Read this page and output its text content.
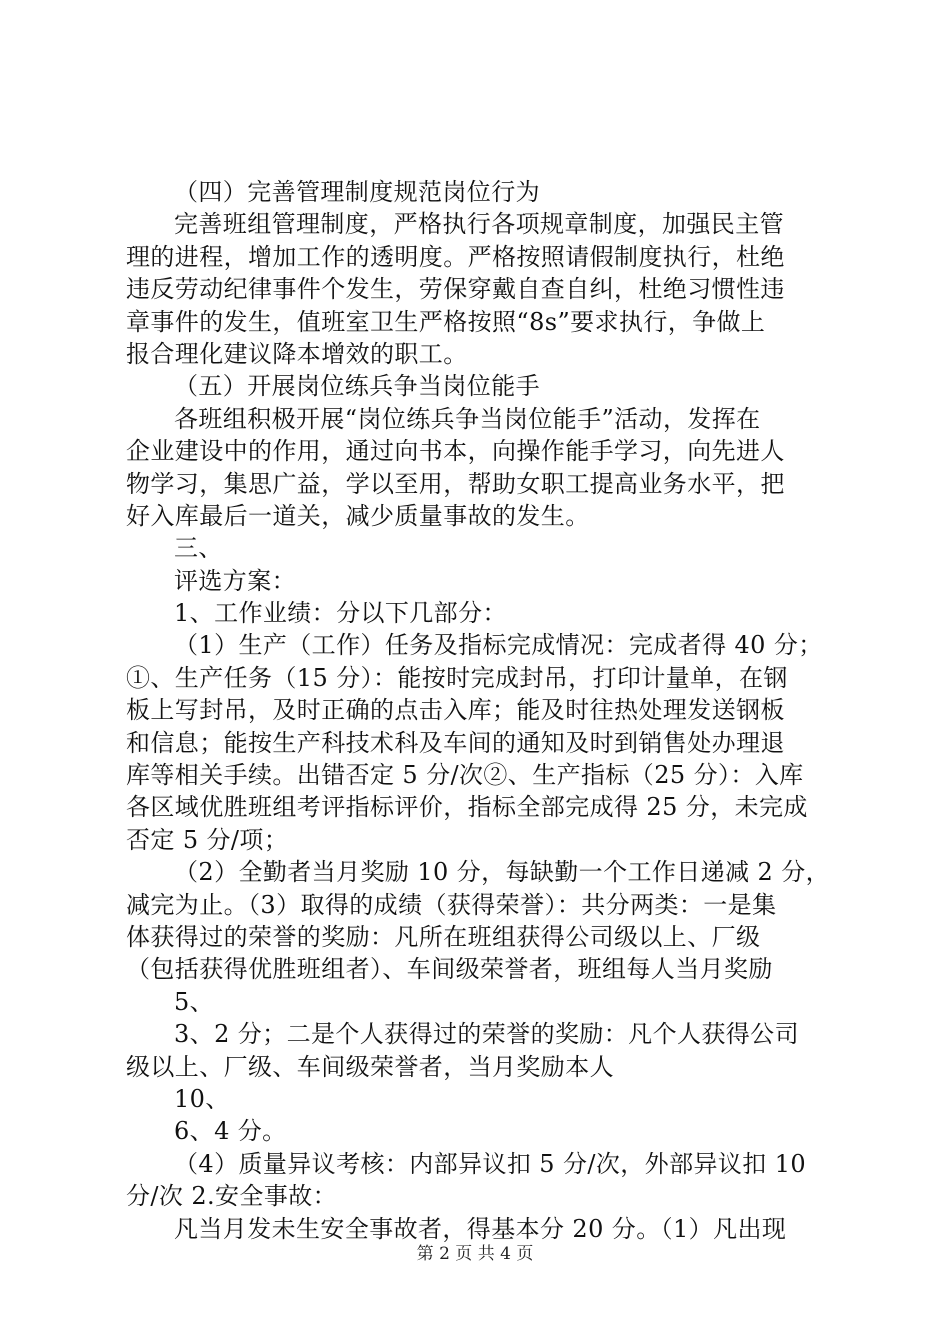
（四）完善管理制度规范岗位行为
完善班组管理制度，严格执行各项规章制度，加强民主管
理的进程，增加工作的透明度。严格按照请假制度执行，杜绝
违反劳动纪律事件个发生，劳保穿戴自查自纠，杜绝习惯性违
章事件的发生，值班室卫生严格按照“8s”要求执行，争做上
报合理化建议降本增效的职工。
（五）开展岗位练兵争当岗位能手
各班组积极开展“岗位练兵争当岗位能手”活动，发挥在
企业建设中的作用，通过向书本，向操作能手学习，向先进人
物学习，集思广益，学以至用，帮助女职工提高业务水平，把
好入库最后一道关，减少质量事故的发生。
三、
评选方案：
1、工作业绩：分以下几部分：
（1）生产（工作）任务及指标完成情况：完成者得 40 分；
①、生产任务（15 分）：能按时完成封吊，打印计量单，在钢
板上写封吊，及时正确的点击入库；能及时往热处理发送钢板
和信息；能按生产科技术科及车间的通知及时到销售处办理退
库等相关手续。出错否定 5 分/次②、生产指标（25 分）：入库
各区域优胜班组考评指标评价，指标全部完成得 25 分，未完成
否定 5 分/项；
（2）全勤者当月奖励 10 分，每缺勤一个工作日递减 2 分，
减完为止。（3）取得的成绩（获得荣誉）：共分两类：一是集
体获得过的荣誉的奖励：凡所在班组获得公司级以上、厂级
（包括获得优胜班组者）、车间级荣誉者，班组每人当月奖励
5、
3、2 分；二是个人获得过的荣誉的奖励：凡个人获得公司
级以上、厂级、车间级荣誉者，当月奖励本人
10、
6、4 分。
（4）质量异议考核：内部异议扣 5 分/次，外部异议扣 10
分/次 2.安全事故：
凡当月发未生安全事故者，得基本分 20 分。（1）凡出现
第 2 页 共 4 页
